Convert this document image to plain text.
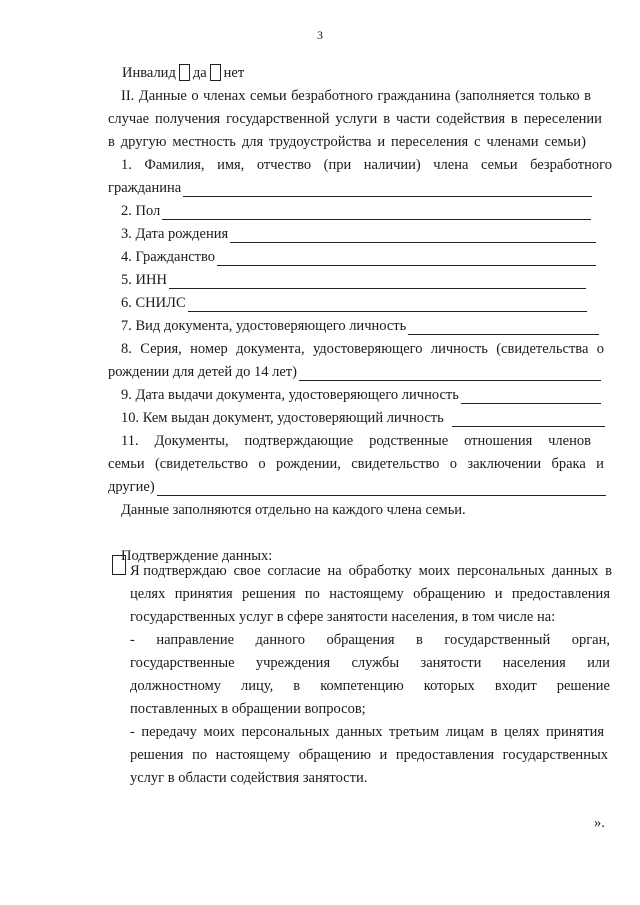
3
Инвалид да нет
II. Данные о членах семьи безработного гражданина (заполняется только в
случае получения государственной услуги в части содействия в переселении
в другую местность для трудоустройства и переселения с членами семьи)
1. Фамилия, имя, отчество (при наличии) члена семьи безработного
гражданина
2. Пол
3. Дата рождения
4. Гражданство
5. ИНН
6. СНИЛС
7. Вид документа, удостоверяющего личность
8. Серия, номер документа, удостоверяющего личность (свидетельства о
рождении для детей до 14 лет)
9. Дата выдачи документа, удостоверяющего личность
10. Кем выдан документ, удостоверяющий личность
11. Документы, подтверждающие родственные отношения членов
семьи (свидетельство о рождении, свидетельство о заключении брака и
другие)
Данные заполняются отдельно на каждого члена семьи.
Подтверждение данных:
Я подтверждаю свое согласие на обработку моих персональных данных в
целях принятия решения по настоящему обращению и предоставления
государственных услуг в сфере занятости населения, в том числе на:
- направление данного обращения в государственный орган,
государственные учреждения службы занятости населения или
должностному лицу, в компетенцию которых входит решение
поставленных в обращении вопросов;
- передачу моих персональных данных третьим лицам в целях принятия
решения по настоящему обращению и предоставления государственных
услуг в области содействия занятости.
».
